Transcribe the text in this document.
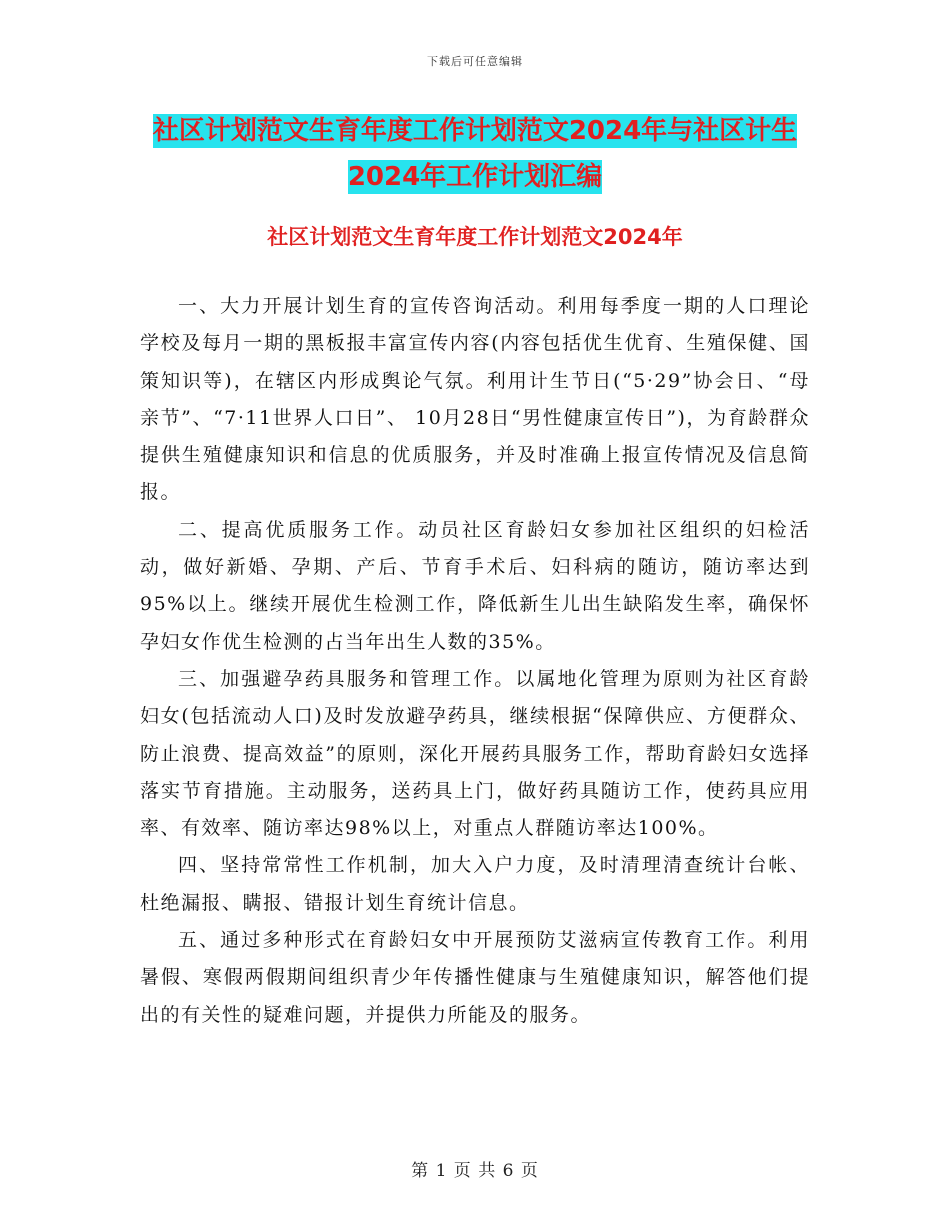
下载后可任意编辑
社区计划范文生育年度工作计划范文2024年与社区计生2024年工作计划汇编
社区计划范文生育年度工作计划范文2024年

一、大力开展计划生育的宣传咨询活动。利用每季度一期的人口理论学校及每月一期的黑板报丰富宣传内容(内容包括优生优育、生殖保健、国策知识等)，在辖区内形成舆论气氛。利用计生节日(“5·29”协会日、“母亲节”、“7·11世界人口日”、 10月28日“男性健康宣传日”)，为育龄群众提供生殖健康知识和信息的优质服务，并及时准确上报宣传情况及信息简报。

二、提高优质服务工作。动员社区育龄妇女参加社区组织的妇检活动，做好新婚、孕期、产后、节育手术后、妇科病的随访，随访率达到95%以上。继续开展优生检测工作，降低新生儿出生缺陷发生率，确保怀孕妇女作优生检测的占当年出生人数的35%。

三、加强避孕药具服务和管理工作。以属地化管理为原则为社区育龄妇女(包括流动人口)及时发放避孕药具，继续根据“保障供应、方便群众、防止浪费、提高效益”的原则，深化开展药具服务工作，帮助育龄妇女选择落实节育措施。主动服务，送药具上门，做好药具随访工作，使药具应用率、有效率、随访率达98%以上，对重点人群随访率达100%。

四、坚持常常性工作机制，加大入户力度，及时清理清查统计台帐、杜绝漏报、瞒报、错报计划生育统计信息。

五、通过多种形式在育龄妇女中开展预防艾滋病宣传教育工作。利用暑假、寒假两假期间组织青少年传播性健康与生殖健康知识，解答他们提出的有关性的疑难问题，并提供力所能及的服务。

第 1 页 共 6 页
